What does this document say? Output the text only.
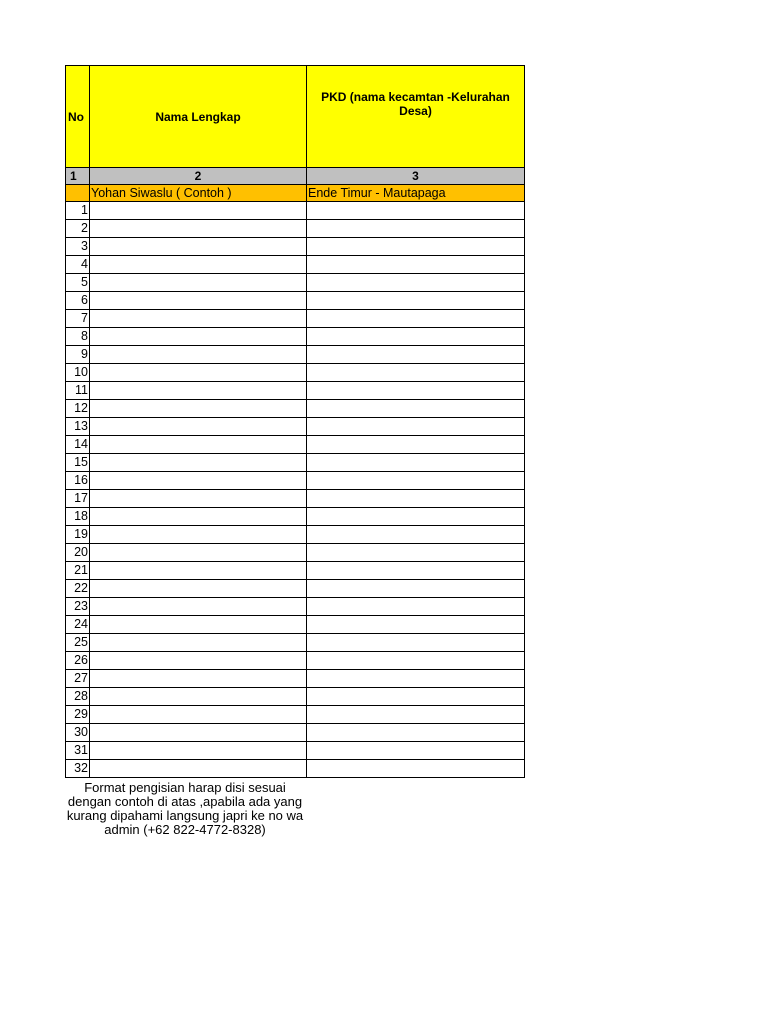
No	Nama Lengkap	PKD (nama kecamtan -Kelurahan Desa)
1	2	3
	Yohan Siwaslu ( Contoh )	Ende Timur - Mautapaga
1		
2		
3		
4		
5		
6		
7		
8		
9		
10		
11		
12		
13		
14		
15		
16		
17		
18		
19		
20		
21		
22		
23		
24		
25		
26		
27		
28		
29		
30		
31		
32		
Format pengisian harap disi sesuai dengan contoh di atas ,apabila ada yang kurang dipahami langsung japri ke no wa admin (+62 822-4772-8328)
